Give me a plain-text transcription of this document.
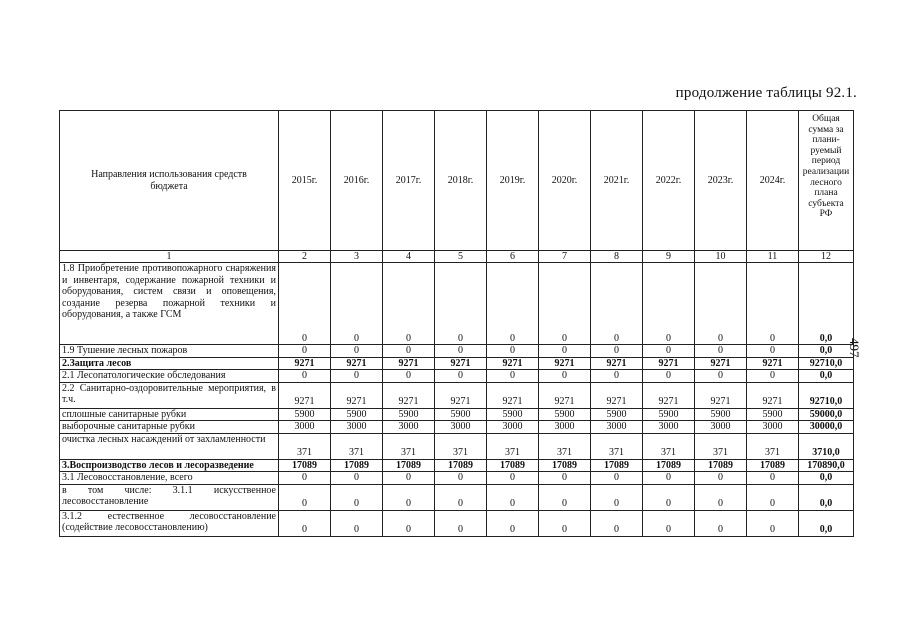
продолжение таблицы 92.1.
497
Направления использования средств бюджета	2015г.	2016г.	2017г.	2018г.	2019г.	2020г.	2021г.	2022г.	2023г.	2024г.	Общая сумма за плани-руемый период реализации лесного плана субъекта РФ
1	2	3	4	5	6	7	8	9	10	11	12
1.8 Приобретение противопожарного снаряжения и инвентаря, содержание пожарной техники и оборудования, систем связи и оповещения, создание резерва пожарной техники и оборудования, а также ГСМ	0	0	0	0	0	0	0	0	0	0	0,0
1.9 Тушение лесных пожаров	0	0	0	0	0	0	0	0	0	0	0,0
2.Защита лесов	9271	9271	9271	9271	9271	9271	9271	9271	9271	9271	92710,0
2.1 Лесопатологические обследования	0	0	0	0	0	0	0	0	0	0	0,0
2.2 Санитарно-оздоровительные мероприятия, в т.ч.	9271	9271	9271	9271	9271	9271	9271	9271	9271	9271	92710,0
сплошные санитарные рубки	5900	5900	5900	5900	5900	5900	5900	5900	5900	5900	59000,0
выборочные санитарные рубки	3000	3000	3000	3000	3000	3000	3000	3000	3000	3000	30000,0
очистка лесных насаждений от захламленности	371	371	371	371	371	371	371	371	371	371	3710,0
3.Воспроизводство лесов и лесоразведение	17089	17089	17089	17089	17089	17089	17089	17089	17089	17089	170890,0
3.1 Лесовосстановление, всего	0	0	0	0	0	0	0	0	0	0	0,0
в том числе: 3.1.1 искусственное лесовосстановление	0	0	0	0	0	0	0	0	0	0	0,0
3.1.2 естественное лесовосстановление (содействие лесовосстановлению)	0	0	0	0	0	0	0	0	0	0	0,0
